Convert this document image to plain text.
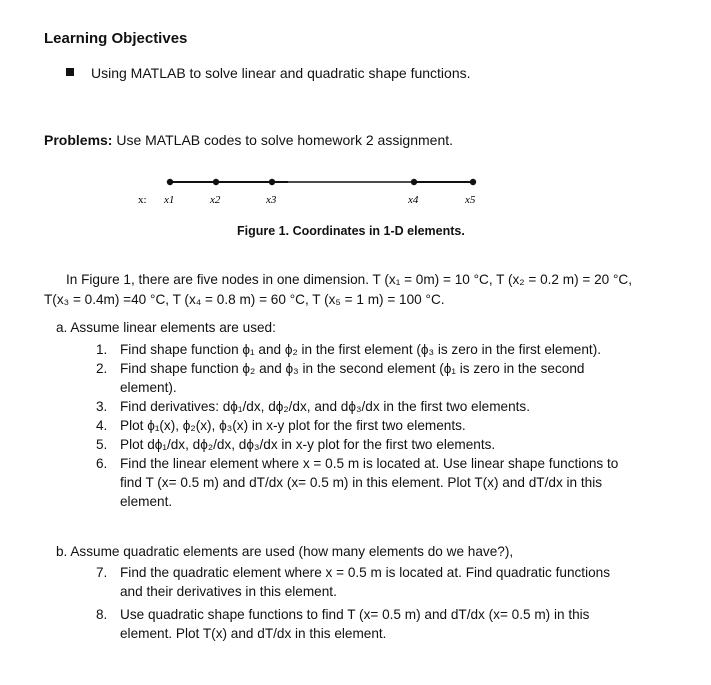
Learning Objectives
Using MATLAB to solve linear and quadratic shape functions.
Problems: Use MATLAB codes to solve homework 2 assignment.
x: x1	x2	x3	x4	x5
Figure 1. Coordinates in 1-D elements.
In Figure 1, there are five nodes in one dimension. T (x₁ = 0m) = 10 °C, T (x₂ = 0.2 m) = 20 °C,
T(x₃ = 0.4m) =40 °C, T (x₄ = 0.8 m) = 60 °C, T (x₅ = 1 m) = 100 °C.
a. Assume linear elements are used:
1. Find shape function ϕ₁ and ϕ₂ in the first element (ϕ₃ is zero in the first element).
2. Find shape function ϕ₂ and ϕ₃ in the second element (ϕ₁ is zero in the second
element).
3. Find derivatives: dϕ₁/dx, dϕ₂/dx, and dϕ₃/dx in the first two elements.
4. Plot ϕ₁(x), ϕ₂(x), ϕ₃(x) in x-y plot for the first two elements.
5. Plot dϕ₁/dx, dϕ₂/dx, dϕ₃/dx in x-y plot for the first two elements.
6. Find the linear element where x = 0.5 m is located at. Use linear shape functions to
find T (x= 0.5 m) and dT/dx (x= 0.5 m) in this element. Plot T(x) and dT/dx in this
element.
b. Assume quadratic elements are used (how many elements do we have?),
7. Find the quadratic element where x = 0.5 m is located at. Find quadratic functions
and their derivatives in this element.
8. Use quadratic shape functions to find T (x= 0.5 m) and dT/dx (x= 0.5 m) in this
element. Plot T(x) and dT/dx in this element.
